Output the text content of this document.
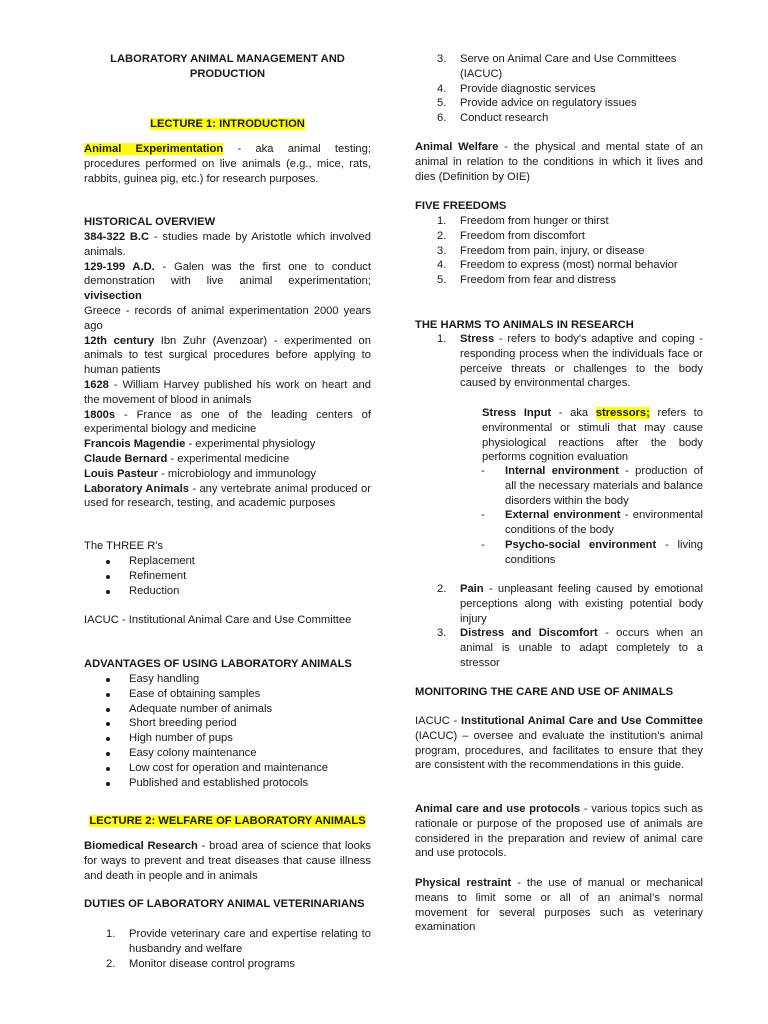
LABORATORY ANIMAL MANAGEMENT AND
PRODUCTION
LECTURE 1: INTRODUCTION
Animal Experimentation - aka animal testing; procedures performed on live animals (e.g., mice, rats, rabbits, guinea pig, etc.) for research purposes.
HISTORICAL OVERVIEW
384-322 B.C - studies made by Aristotle which involved animals.
129-199 A.D. - Galen was the first one to conduct demonstration with live animal experimentation; vivisection
Greece - records of animal experimentation 2000 years ago
12th century Ibn Zuhr (Avenzoar) - experimented on animals to test surgical procedures before applying to human patients
1628 - William Harvey published his work on heart and the movement of blood in animals
1800s - France as one of the leading centers of experimental biology and medicine
Francois Magendie - experimental physiology
Claude Bernard - experimental medicine
Louis Pasteur - microbiology and immunology
Laboratory Animals - any vertebrate animal produced or used for research, testing, and academic purposes
The THREE R's
Replacement
Refinement
Reduction
IACUC - Institutional Animal Care and Use Committee
ADVANTAGES OF USING LABORATORY ANIMALS
Easy handling
Ease of obtaining samples
Adequate number of animals
Short breeding period
High number of pups
Easy colony maintenance
Low cost for operation and maintenance
Published and established protocols
LECTURE 2: WELFARE OF LABORATORY ANIMALS
Biomedical Research - broad area of science that looks for ways to prevent and treat diseases that cause illness and death in people and in animals
DUTIES OF LABORATORY ANIMAL VETERINARIANS
1. Provide veterinary care and expertise relating to husbandry and welfare
2. Monitor disease control programs
3. Serve on Animal Care and Use Committees (IACUC)
4. Provide diagnostic services
5. Provide advice on regulatory issues
6. Conduct research
Animal Welfare - the physical and mental state of an animal in relation to the conditions in which it lives and dies (Definition by OIE)
FIVE FREEDOMS
1. Freedom from hunger or thirst
2. Freedom from discomfort
3. Freedom from pain, injury, or disease
4. Freedom to express (most) normal behavior
5. Freedom from fear and distress
THE HARMS TO ANIMALS IN RESEARCH
1. Stress - refers to body's adaptive and coping - responding process when the individuals face or perceive threats or challenges to the body caused by environmental charges.
Stress Input - aka stressors; refers to environmental or stimuli that may cause physiological reactions after the body performs cognition evaluation
- Internal environment - production of all the necessary materials and balance disorders within the body
- External environment - environmental conditions of the body
- Psycho-social environment - living conditions
2. Pain - unpleasant feeling caused by emotional perceptions along with existing potential body injury
3. Distress and Discomfort - occurs when an animal is unable to adapt completely to a stressor
MONITORING THE CARE AND USE OF ANIMALS
IACUC - Institutional Animal Care and Use Committee (IACUC) – oversee and evaluate the institution’s animal program, procedures, and facilitates to ensure that they are consistent with the recommendations in this guide.
Animal care and use protocols - various topics such as rationale or purpose of the proposed use of animals are considered in the preparation and review of animal care and use protocols.
Physical restraint - the use of manual or mechanical means to limit some or all of an animal’s normal movement for several purposes such as veterinary examination
